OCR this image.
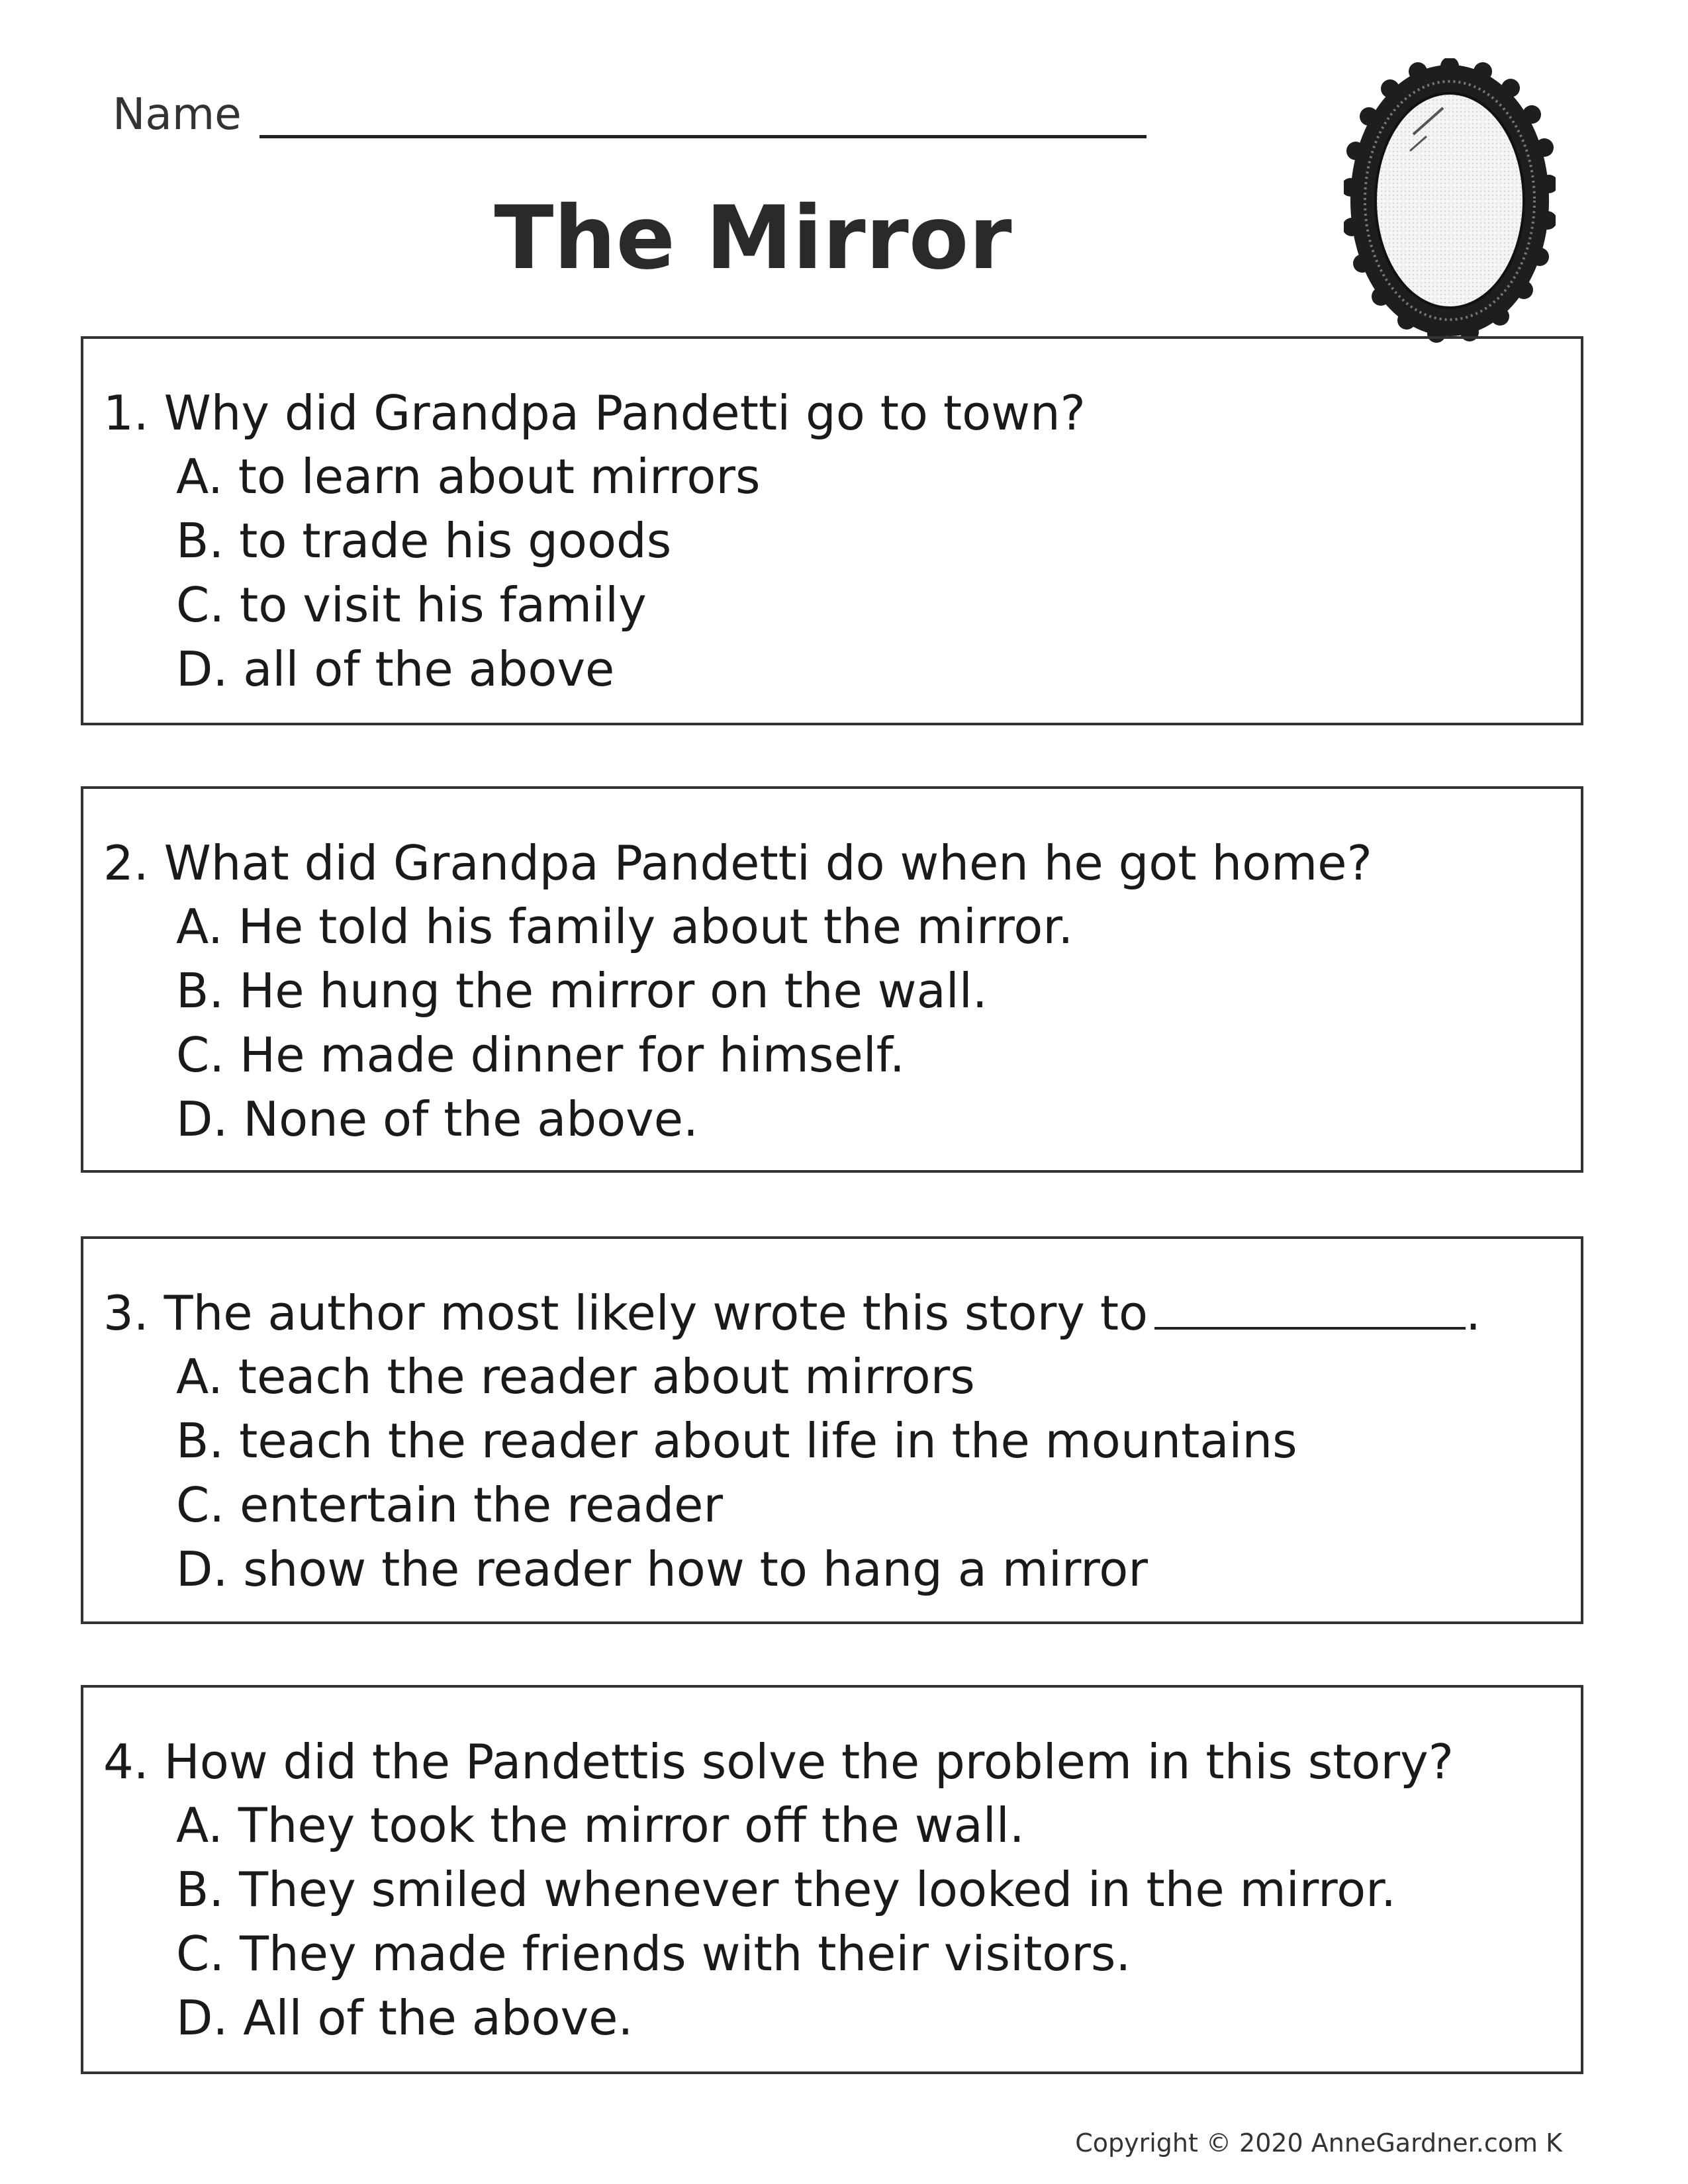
Name
The Mirror
1. Why did Grandpa Pandetti go to town?
A. to learn about mirrors
B. to trade his goods
C. to visit his family
D. all of the above
2. What did Grandpa Pandetti do when he got home?
A. He told his family about the mirror.
B. He hung the mirror on the wall.
C. He made dinner for himself.
D. None of the above.
3. The author most likely wrote this story to	.
A. teach the reader about mirrors
B. teach the reader about life in the mountains
C. entertain the reader
D. show the reader how to hang a mirror
4. How did the Pandettis solve the problem in this story?
A. They took the mirror off the wall.
B. They smiled whenever they looked in the mirror.
C. They made friends with their visitors.
D. All of the above.
Copyright © 2020 AnneGardner.com K
